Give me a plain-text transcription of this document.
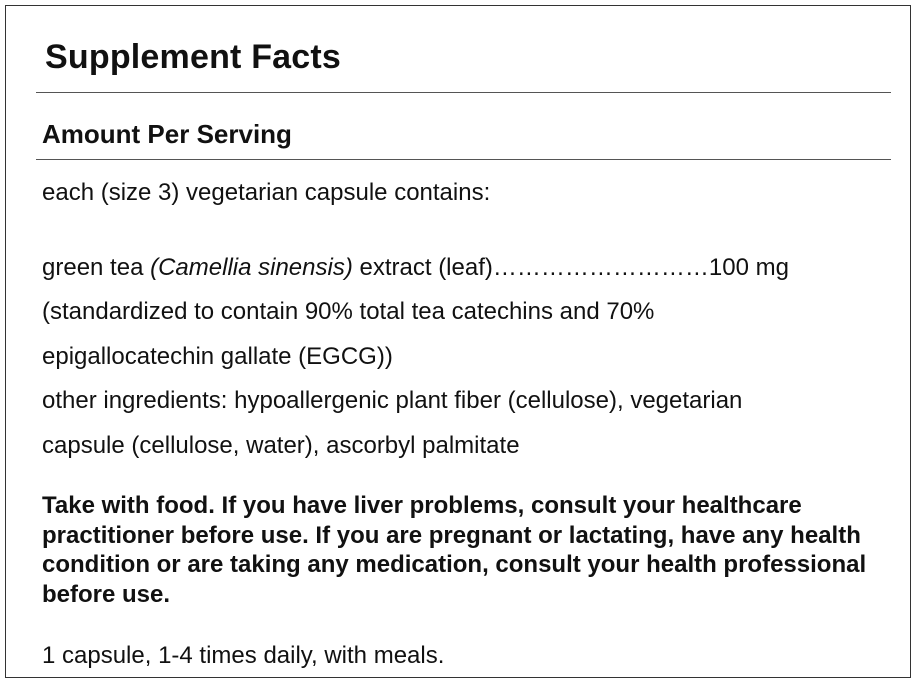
Supplement Facts
Amount Per Serving
each (size 3) vegetarian capsule contains:
green tea (Camellia sinensis) extract (leaf)………………………100 mg
(standardized to contain 90% total tea catechins and 70%
epigallocatechin gallate (EGCG))
other ingredients: hypoallergenic plant fiber (cellulose), vegetarian
capsule (cellulose, water), ascorbyl palmitate
Take with food. If you have liver problems, consult your healthcare practitioner before use. If you are pregnant or lactating, have any health condition or are taking any medication, consult your health professional before use.
1 capsule, 1-4 times daily, with meals.
